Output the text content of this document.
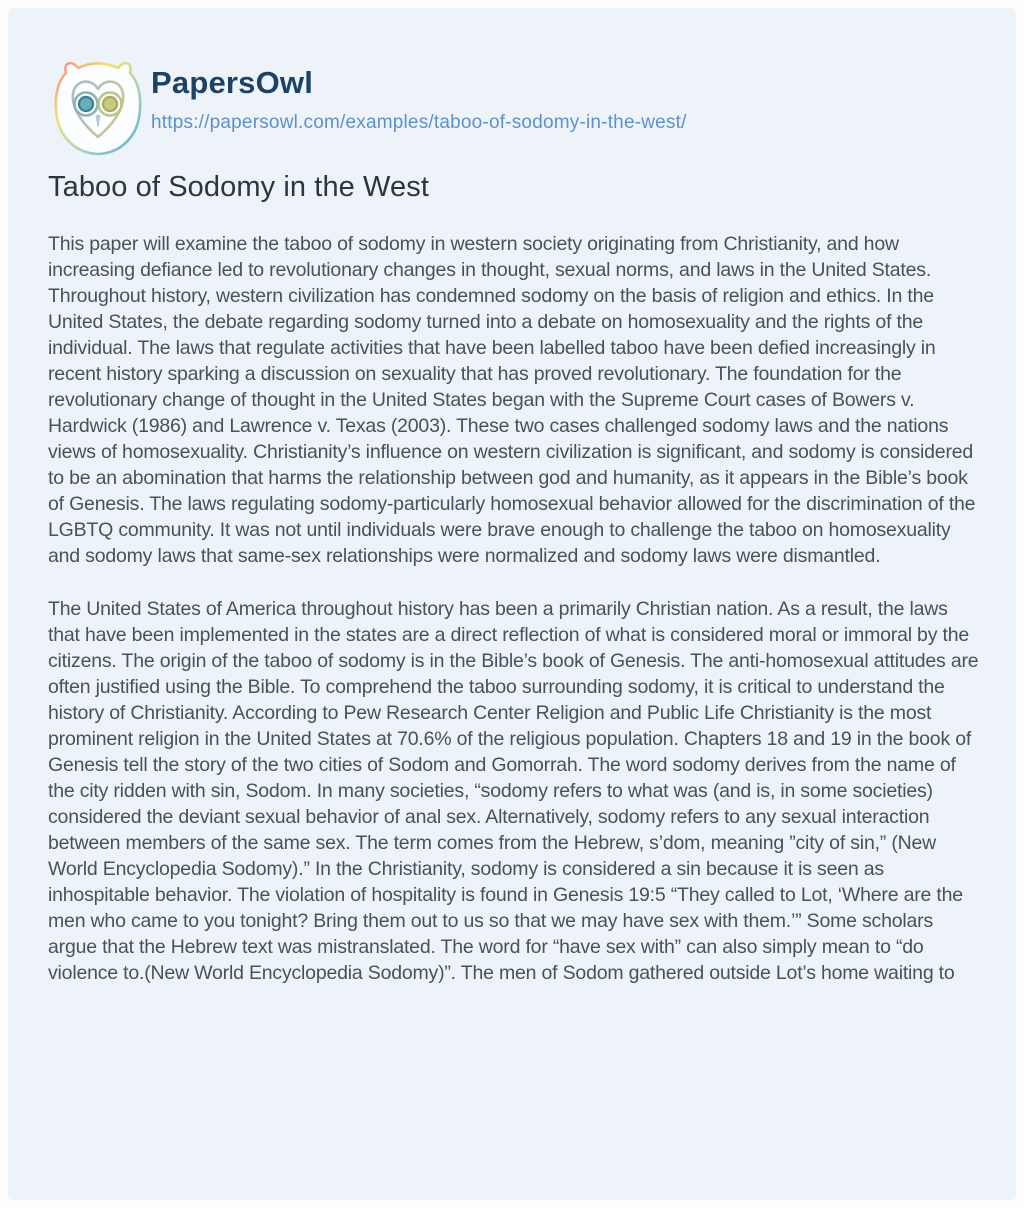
PapersOwl
https://papersowl.com/examples/taboo-of-sodomy-in-the-west/
Taboo of Sodomy in the West

This paper will examine the taboo of sodomy in western society originating from Christianity, and how increasing defiance led to revolutionary changes in thought, sexual norms, and laws in the United States. Throughout history, western civilization has condemned sodomy on the basis of religion and ethics. In the United States, the debate regarding sodomy turned into a debate on homosexuality and the rights of the individual. The laws that regulate activities that have been labelled taboo have been defied increasingly in recent history sparking a discussion on sexuality that has proved revolutionary. The foundation for the revolutionary change of thought in the United States began with the Supreme Court cases of Bowers v. Hardwick (1986) and Lawrence v. Texas (2003). These two cases challenged sodomy laws and the nations views of homosexuality. Christianity’s influence on western civilization is significant, and sodomy is considered to be an abomination that harms the relationship between god and humanity, as it appears in the Bible’s book of Genesis. The laws regulating sodomy-particularly homosexual behavior allowed for the discrimination of the LGBTQ community. It was not until individuals were brave enough to challenge the taboo on homosexuality and sodomy laws that same-sex relationships were normalized and sodomy laws were dismantled.

The United States of America throughout history has been a primarily Christian nation. As a result, the laws that have been implemented in the states are a direct reflection of what is considered moral or immoral by the citizens. The origin of the taboo of sodomy is in the Bible’s book of Genesis. The anti-homosexual attitudes are often justified using the Bible. To comprehend the taboo surrounding sodomy, it is critical to understand the history of Christianity. According to Pew Research Center Religion and Public Life Christianity is the most prominent religion in the United States at 70.6% of the religious population. Chapters 18 and 19 in the book of Genesis tell the story of the two cities of Sodom and Gomorrah. The word sodomy derives from the name of the city ridden with sin, Sodom. In many societies, “sodomy refers to what was (and is, in some societies) considered the deviant sexual behavior of anal sex. Alternatively, sodomy refers to any sexual interaction between members of the same sex. The term comes from the Hebrew, s’dom, meaning ”city of sin,” (New World Encyclopedia Sodomy).” In the Christianity, sodomy is considered a sin because it is seen as inhospitable behavior. The violation of hospitality is found in Genesis 19:5 “They called to Lot, ‘Where are the men who came to you tonight? Bring them out to us so that we may have sex with them.’” Some scholars argue that the Hebrew text was mistranslated. The word for “have sex with” can also simply mean to “do violence to.(New World Encyclopedia Sodomy)”. The men of Sodom gathered outside Lot’s home waiting to
